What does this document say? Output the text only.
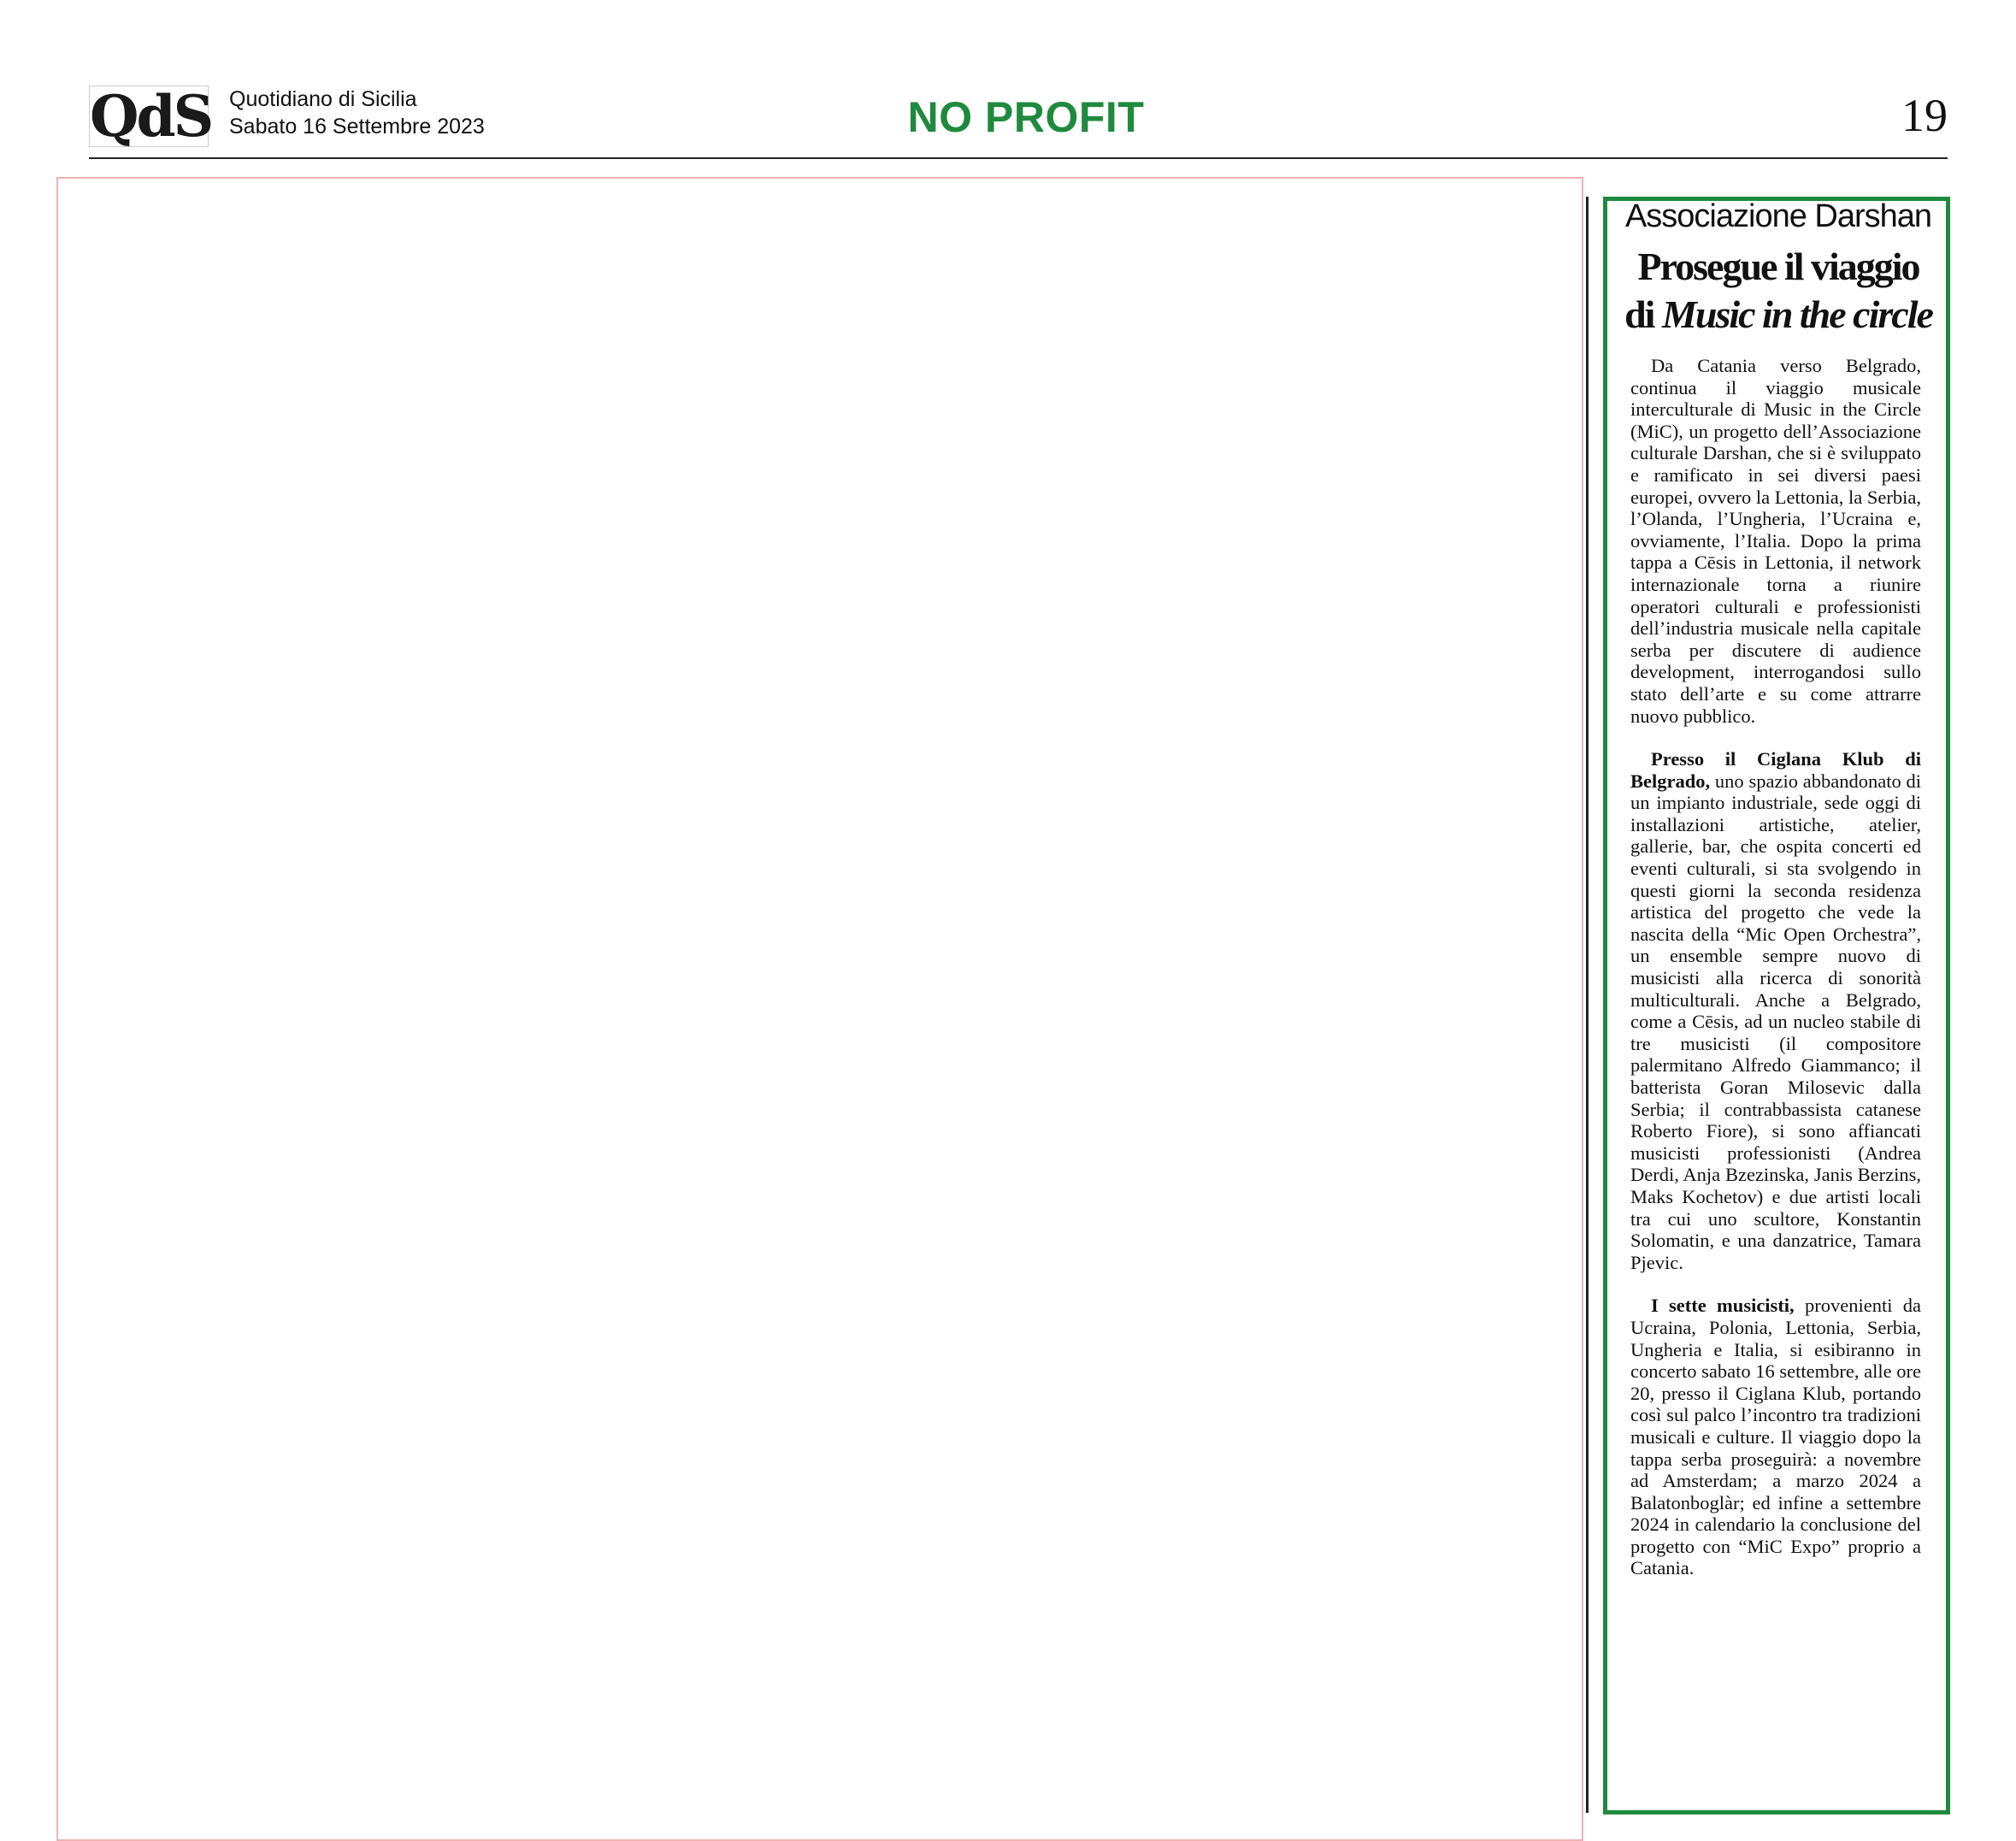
QdS Quotidiano di Sicilia
Sabato 16 Settembre 2023	NO PROFIT	19
Associazione Darshan
Prosegue il viaggio
di Music in the circle

Da Catania verso Belgrado, continua il viaggio musicale interculturale di Music in the Circle (MiC), un progetto dell’Associazione culturale Darshan, che si è sviluppato e ramificato in sei diversi paesi europei, ovvero la Lettonia, la Serbia, l’Olanda, l’Ungheria, l’Ucraina e, ovviamente, l’Italia. Dopo la prima tappa a Cēsis in Lettonia, il network internazionale torna a riunire operatori culturali e professionisti dell’industria musicale nella capitale serba per discutere di audience development, interrogandosi sullo stato dell’arte e su come attrarre nuovo pubblico.

Presso il Ciglana Klub di Belgrado, uno spazio abbandonato di un impianto industriale, sede oggi di installazioni artistiche, atelier, gallerie, bar, che ospita concerti ed eventi culturali, si sta svolgendo in questi giorni la seconda residenza artistica del progetto che vede la nascita della “Mic Open Orchestra”, un ensemble sempre nuovo di musicisti alla ricerca di sonorità multiculturali. Anche a Belgrado, come a Cēsis, ad un nucleo stabile di tre musicisti (il compositore palermitano Alfredo Giammanco; il batterista Goran Milosevic dalla Serbia; il contrabbassista catanese Roberto Fiore), si sono affiancati musicisti professionisti (Andrea Derdi, Anja Bzezinska, Janis Berzins, Maks Kochetov) e due artisti locali tra cui uno scultore, Konstantin Solomatin, e una danzatrice, Tamara Pjevic.

I sette musicisti, provenienti da Ucraina, Polonia, Lettonia, Serbia, Ungheria e Italia, si esibiranno in concerto sabato 16 settembre, alle ore 20, presso il Ciglana Klub, portando così sul palco l’incontro tra tradizioni musicali e culture. Il viaggio dopo la tappa serba proseguirà: a novembre ad Amsterdam; a marzo 2024 a Balatonboglàr; ed infine a settembre 2024 in calendario la conclusione del progetto con “MiC Expo” proprio a Catania.
